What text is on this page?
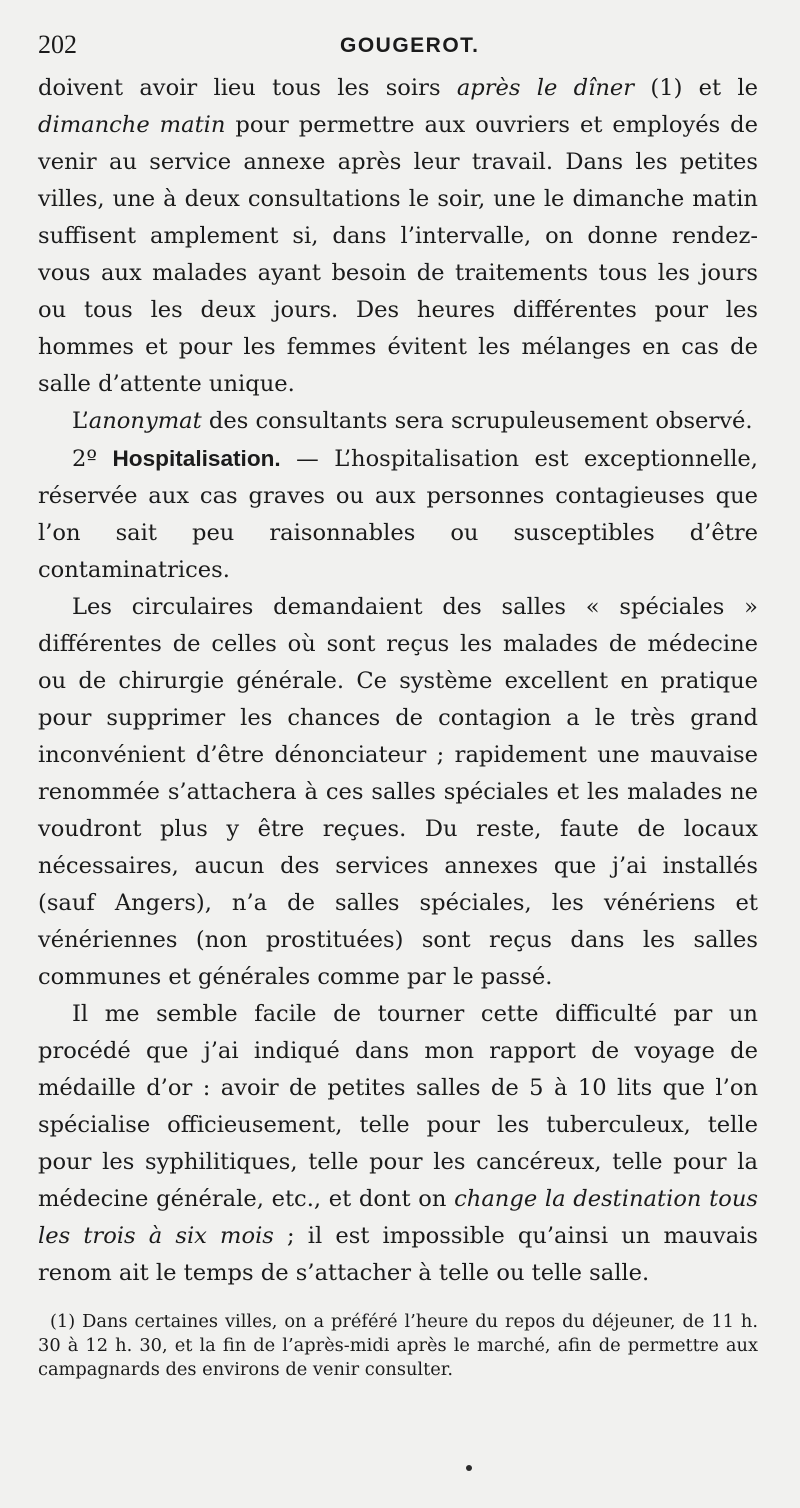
202	GOUGEROT.

doivent avoir lieu tous les soirs après le dîner (1) et le dimanche matin pour permettre aux ouvriers et employés de venir au service annexe après leur travail. Dans les petites villes, une à deux consultations le soir, une le dimanche matin suffisent amplement si, dans l’intervalle, on donne rendez-vous aux malades ayant besoin de traitements tous les jours ou tous les deux jours. Des heures différentes pour les hommes et pour les femmes évitent les mélanges en cas de salle d’attente unique.

L’anonymat des consultants sera scrupuleusement observé.

2º Hospitalisation. — L’hospitalisation est exceptionnelle, réservée aux cas graves ou aux personnes contagieuses que l’on sait peu raisonnables ou susceptibles d’être contaminatrices.

Les circulaires demandaient des salles « spéciales » différentes de celles où sont reçus les malades de médecine ou de chirurgie générale. Ce système excellent en pratique pour supprimer les chances de contagion a le très grand inconvénient d’être dénonciateur ; rapidement une mauvaise renommée s’attachera à ces salles spéciales et les malades ne voudront plus y être reçues. Du reste, faute de locaux nécessaires, aucun des services annexes que j’ai installés (sauf Angers), n’a de salles spéciales, les vénériens et vénériennes (non prostituées) sont reçus dans les salles communes et générales comme par le passé.

Il me semble facile de tourner cette difficulté par un procédé que j’ai indiqué dans mon rapport de voyage de médaille d’or : avoir de petites salles de 5 à 10 lits que l’on spécialise officieusement, telle pour les tuberculeux, telle pour les syphilitiques, telle pour les cancéreux, telle pour la médecine générale, etc., et dont on change la destination tous les trois à six mois ; il est impossible qu’ainsi un mauvais renom ait le temps de s’attacher à telle ou telle salle.

(1) Dans certaines villes, on a préféré l’heure du repos du déjeuner, de 11 h. 30 à 12 h. 30, et la fin de l’après-midi après le marché, afin de permettre aux campagnards des environs de venir consulter.
